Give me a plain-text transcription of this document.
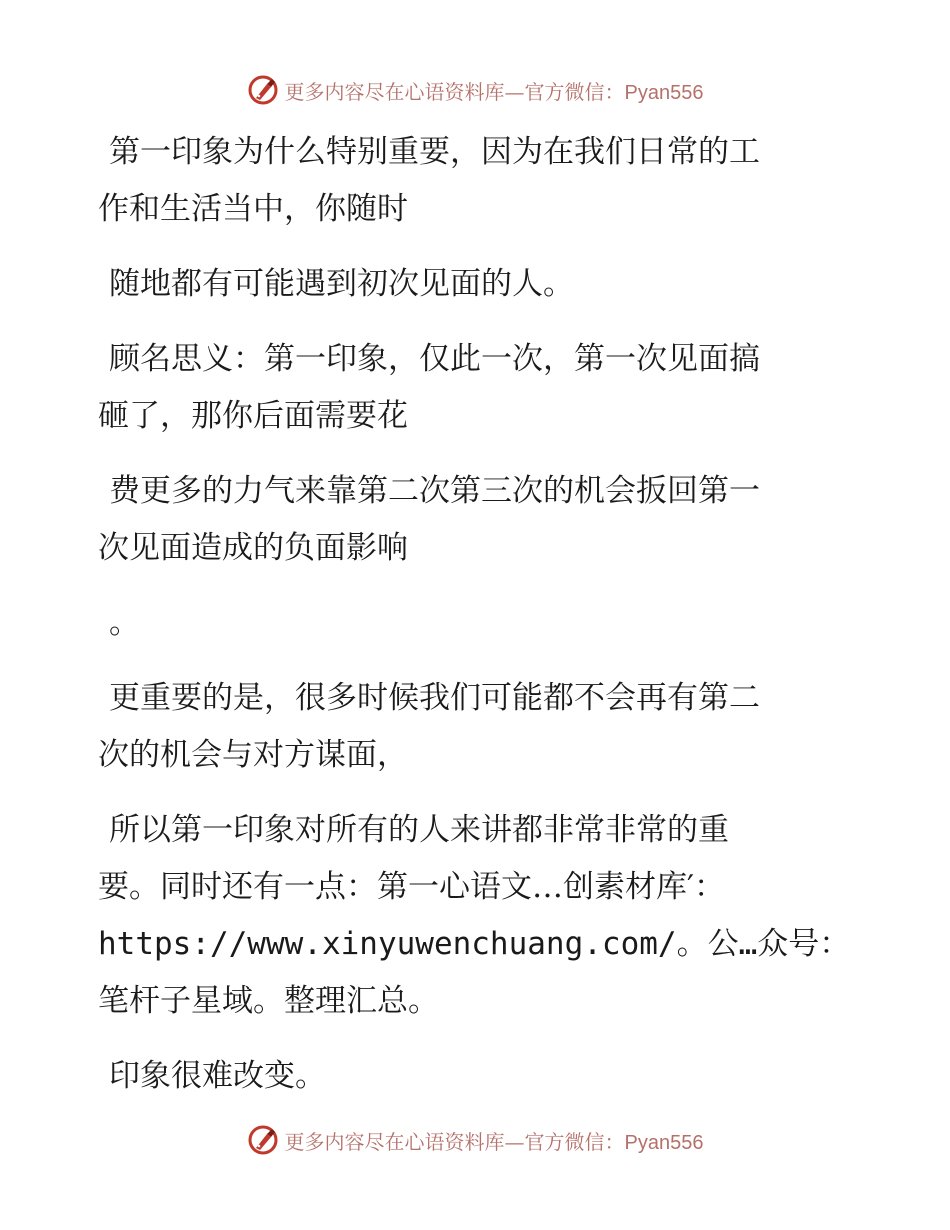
更多内容尽在心语资料库—官方微信：Pyan556
第一印象为什么特别重要，因为在我们日常的工
作和生活当中，你随时
随地都有可能遇到初次见面的人。
顾名思义：第一印象，仅此一次，第一次见面搞
砸了，那你后面需要花
费更多的力气来靠第二次第三次的机会扳回第一
次见面造成的负面影响
。
更重要的是，很多时候我们可能都不会再有第二
次的机会与对方谋面，
所以第一印象对所有的人来讲都非常非常的重
要。同时还有一点：第一心语文…创素材库′：
https://www.xinyuwenchuang.com/。公…众号：
笔杆子星域。整理汇总。
印象很难改变。
更多内容尽在心语资料库—官方微信：Pyan556
